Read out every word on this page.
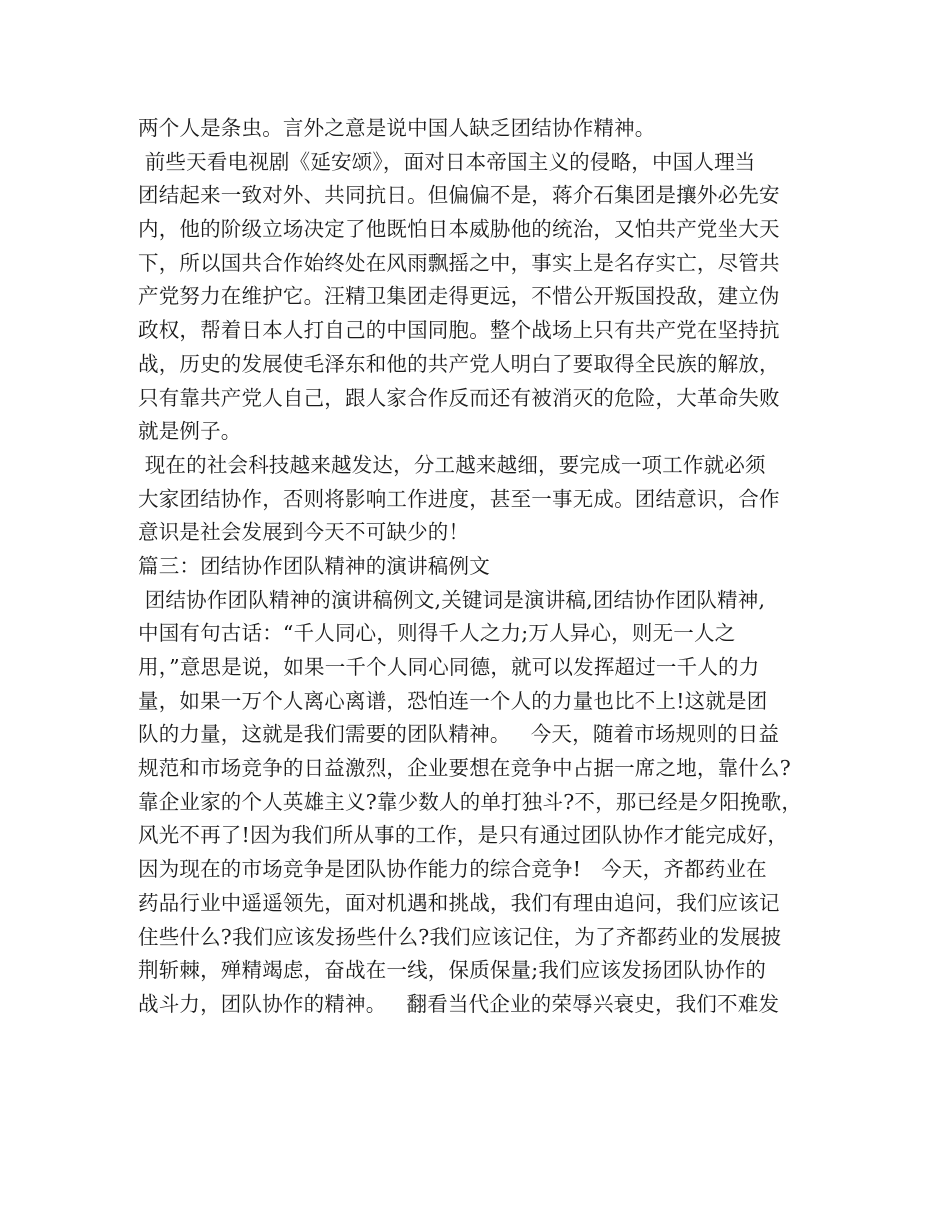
两个人是条虫。言外之意是说中国人缺乏团结协作精神。
前些天看电视剧《延安颂》，面对日本帝国主义的侵略，中国人理当
团结起来一致对外、共同抗日。但偏偏不是，蒋介石集团是攘外必先安
内，他的阶级立场决定了他既怕日本威胁他的统治，又怕共产党坐大天
下，所以国共合作始终处在风雨飘摇之中，事实上是名存实亡，尽管共
产党努力在维护它。汪精卫集团走得更远，不惜公开叛国投敌，建立伪
政权，帮着日本人打自己的中国同胞。整个战场上只有共产党在坚持抗
战，历史的发展使毛泽东和他的共产党人明白了要取得全民族的解放，
只有靠共产党人自己，跟人家合作反而还有被消灭的危险，大革命失败
就是例子。
现在的社会科技越来越发达，分工越来越细，要完成一项工作就必须
大家团结协作，否则将影响工作进度，甚至一事无成。团结意识，合作
意识是社会发展到今天不可缺少的！
篇三：团结协作团队精神的演讲稿例文
团结协作团队精神的演讲稿例文,关键词是演讲稿,团结协作团队精神,
中国有句古话：“千人同心，则得千人之力;万人异心，则无一人之
用，”意思是说，如果一千个人同心同德，就可以发挥超过一千人的力
量，如果一万个人离心离谱，恐怕连一个人的力量也比不上!这就是团
队的力量，这就是我们需要的团队精神。   今天，随着市场规则的日益
规范和市场竞争的日益激烈，企业要想在竞争中占据一席之地，靠什么?
靠企业家的个人英雄主义?靠少数人的单打独斗?不，那已经是夕阳挽歌，
风光不再了!因为我们所从事的工作，是只有通过团队协作才能完成好，
因为现在的市场竞争是团队协作能力的综合竞争!   今天，齐都药业在
药品行业中遥遥领先，面对机遇和挑战，我们有理由追问，我们应该记
住些什么?我们应该发扬些什么?我们应该记住，为了齐都药业的发展披
荆斩棘，殚精竭虑，奋战在一线，保质保量;我们应该发扬团队协作的
战斗力，团队协作的精神。   翻看当代企业的荣辱兴衰史，我们不难发
